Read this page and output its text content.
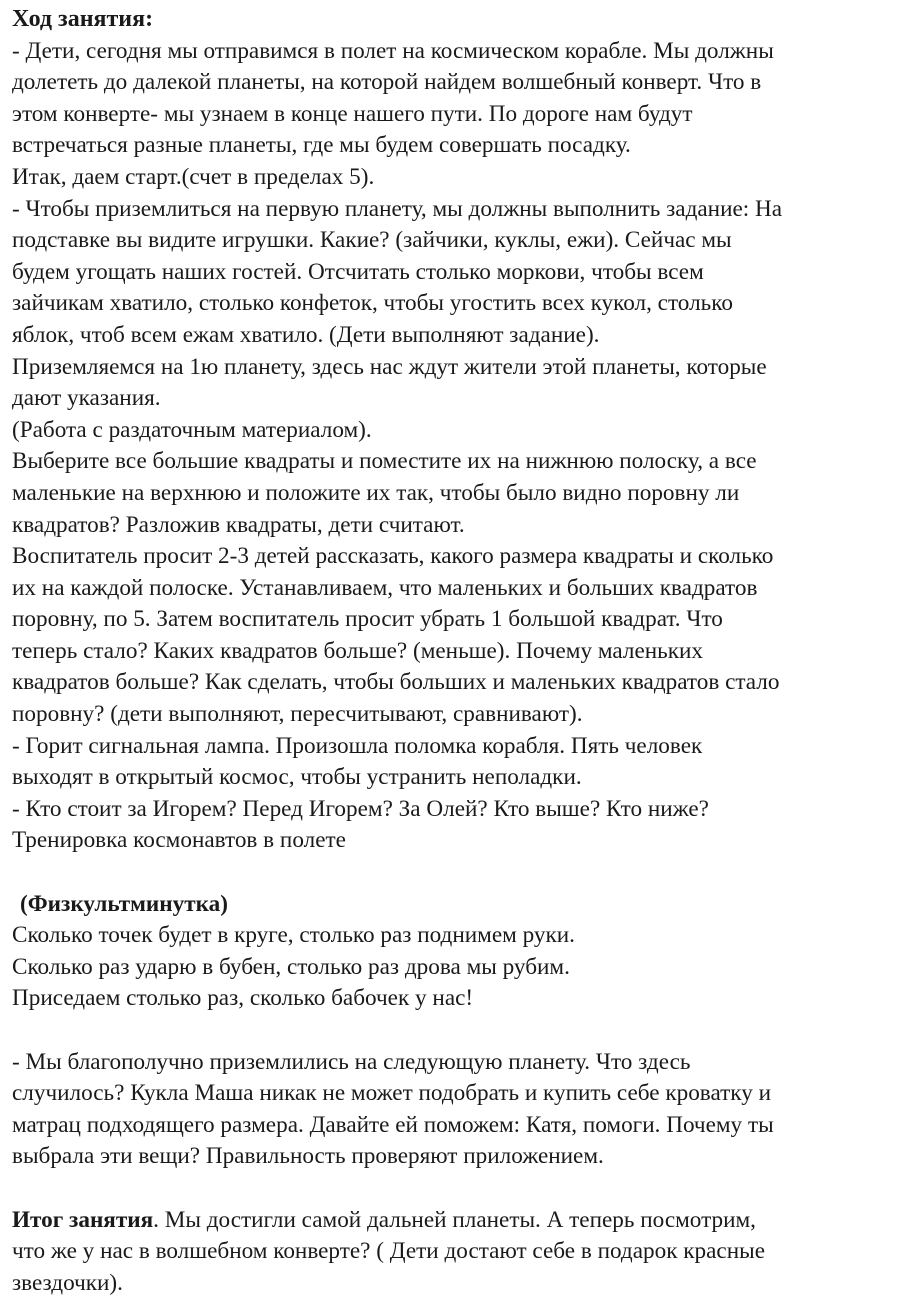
Ход занятия:
- Дети, сегодня мы отправимся в полет на космическом корабле. Мы должны
долететь до далекой планеты, на которой найдем волшебный конверт. Что в
этом конверте- мы узнаем в конце нашего пути. По дороге нам будут
встречаться разные планеты, где мы будем совершать посадку.
Итак, даем старт.(счет в пределах 5).
- Чтобы приземлиться на первую планету, мы должны выполнить задание: На
подставке вы видите игрушки. Какие? (зайчики, куклы, ежи). Сейчас мы
будем угощать наших гостей. Отсчитать столько моркови, чтобы всем
зайчикам хватило, столько конфеток, чтобы угостить всех кукол, столько
яблок, чтоб всем ежам хватило. (Дети выполняют задание).
Приземляемся на 1ю планету, здесь нас ждут жители этой планеты, которые
дают указания.
(Работа с раздаточным материалом).
Выберите все большие квадраты и поместите их на нижнюю полоску, а все
маленькие на верхнюю и положите их так, чтобы было видно поровну ли
квадратов? Разложив квадраты, дети считают.
Воспитатель просит 2-3 детей рассказать, какого размера квадраты и сколько
их на каждой полоске. Устанавливаем, что маленьких и больших квадратов
поровну, по 5. Затем воспитатель просит убрать 1 большой квадрат. Что
теперь стало? Каких квадратов больше? (меньше). Почему маленьких
квадратов больше? Как сделать, чтобы больших и маленьких квадратов стало
поровну? (дети выполняют, пересчитывают, сравнивают).
- Горит сигнальная лампа. Произошла поломка корабля. Пять человек
выходят в открытый космос, чтобы устранить неполадки.
- Кто стоит за Игорем? Перед Игорем? За Олей? Кто выше? Кто ниже?
Тренировка космонавтов в полете
(Физкультминутка)
Сколько точек будет в круге, столько раз поднимем руки.
Сколько раз ударю в бубен, столько раз дрова мы рубим.
Приседаем столько раз, сколько бабочек у нас!
- Мы благополучно приземлились на следующую планету. Что здесь
случилось? Кукла Маша никак не может подобрать и купить себе кроватку и
матрац подходящего размера. Давайте ей поможем: Катя, помоги. Почему ты
выбрала эти вещи? Правильность проверяют приложением.
Итог занятия. Мы достигли самой дальней планеты. А теперь посмотрим,
что же у нас в волшебном конверте? ( Дети достают себе в подарок красные
звездочки).
